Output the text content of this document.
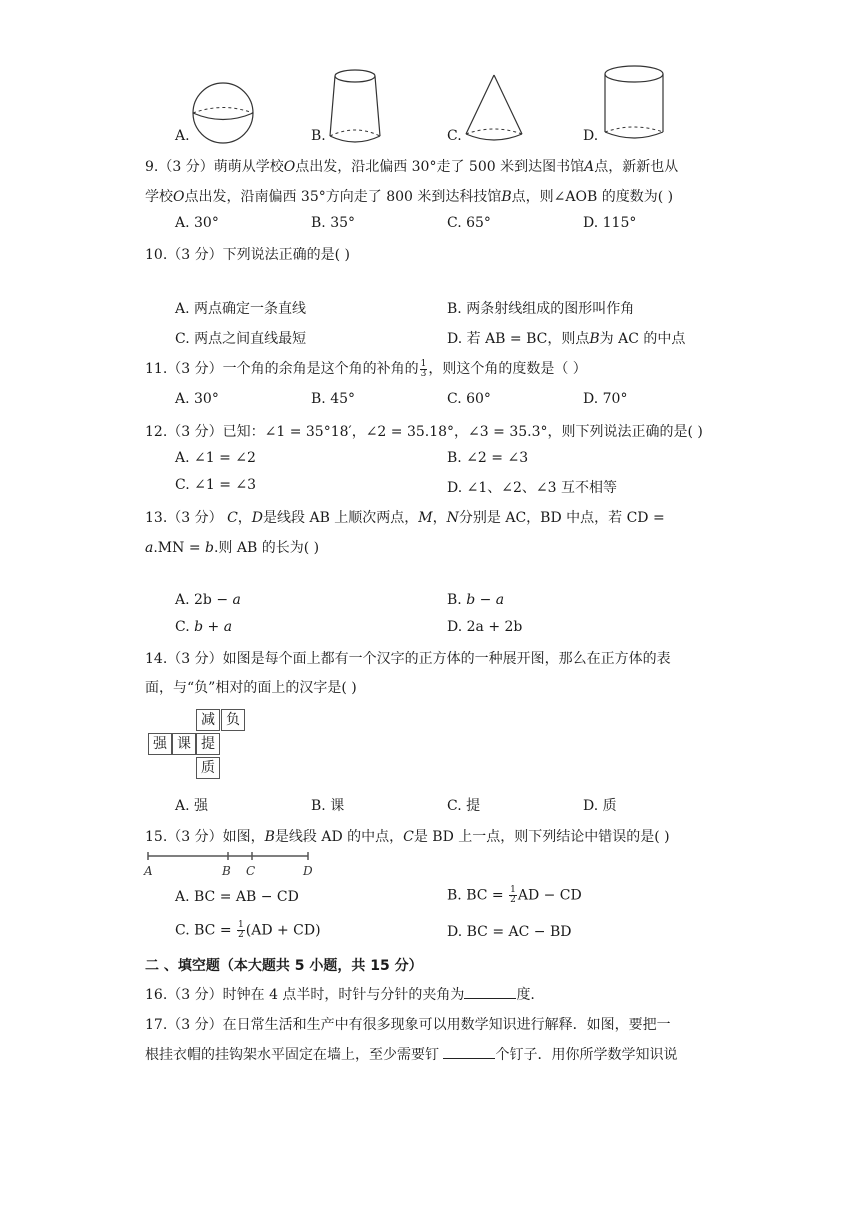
A.	B.	C.	D.
9.（3 分）萌萌从学校𝑂点出发，沿北偏西 30°走了 500 米到达图书馆𝐴点，新新也从
学校𝑂点出发，沿南偏西 35°方向走了 800 米到达科技馆𝐵点，则∠AOB 的度数为( )
A. 30°	B. 35°	C. 65°	D. 115°
10.（3 分）下列说法正确的是( )
A. 两点确定一条直线	B. 两条射线组成的图形叫作角
C. 两点之间直线最短	D. 若 AB = BC，则点𝐵为 AC 的中点
11.（3 分）一个角的余角是这个角的补角的 $\frac{1}{3}$ ，则这个角的度数是（ ）
A. 30°	B. 45°	C. 60°	D. 70°
12.（3 分）已知：∠1 = 35°18′，∠2 = 35.18°，∠3 = 35.3°，则下列说法正确的是( )
A. ∠1 = ∠2	B. ∠2 = ∠3
C. ∠1 = ∠3	D. ∠1、∠2、∠3 互不相等
13.（3 分） 𝐶，𝐷是线段 AB 上顺次两点，𝑀，𝑁分别是 AC，BD 中点，若 CD =
𝑎.MN = 𝑏.则 AB 的长为( )
A. 2b − 𝑎	B. 𝑏 − 𝑎
C. 𝑏 + 𝑎	D. 2a + 2b
14.（3 分）如图是每个面上都有一个汉字的正方体的一种展开图，那么在正方体的表
面，与“负”相对的面上的汉字是( )
减 负
强 课 提
质
A. 强	B. 课	C. 提	D. 质
15.（3 分）如图，𝐵是线段 AD 的中点，𝐶是 BD 上一点，则下列结论中错误的是( )
A	B C	D
A. BC = AB − CD	B. BC = $\frac{1}{2}$ AD − CD
C. BC = $\frac{1}{2} (AD + CD)$	D. BC = AC − BD
二 、填空题（本大题共 5 小题，共 15 分）
16.（3 分）时钟在 4 点半时，时针与分针的夹角为	度.
17.（3 分）在日常生活和生产中有很多现象可以用数学知识进行解释．如图，要把一
根挂衣帽的挂钩架水平固定在墙上，至少需要钉	个钉子．用你所学数学知识说
